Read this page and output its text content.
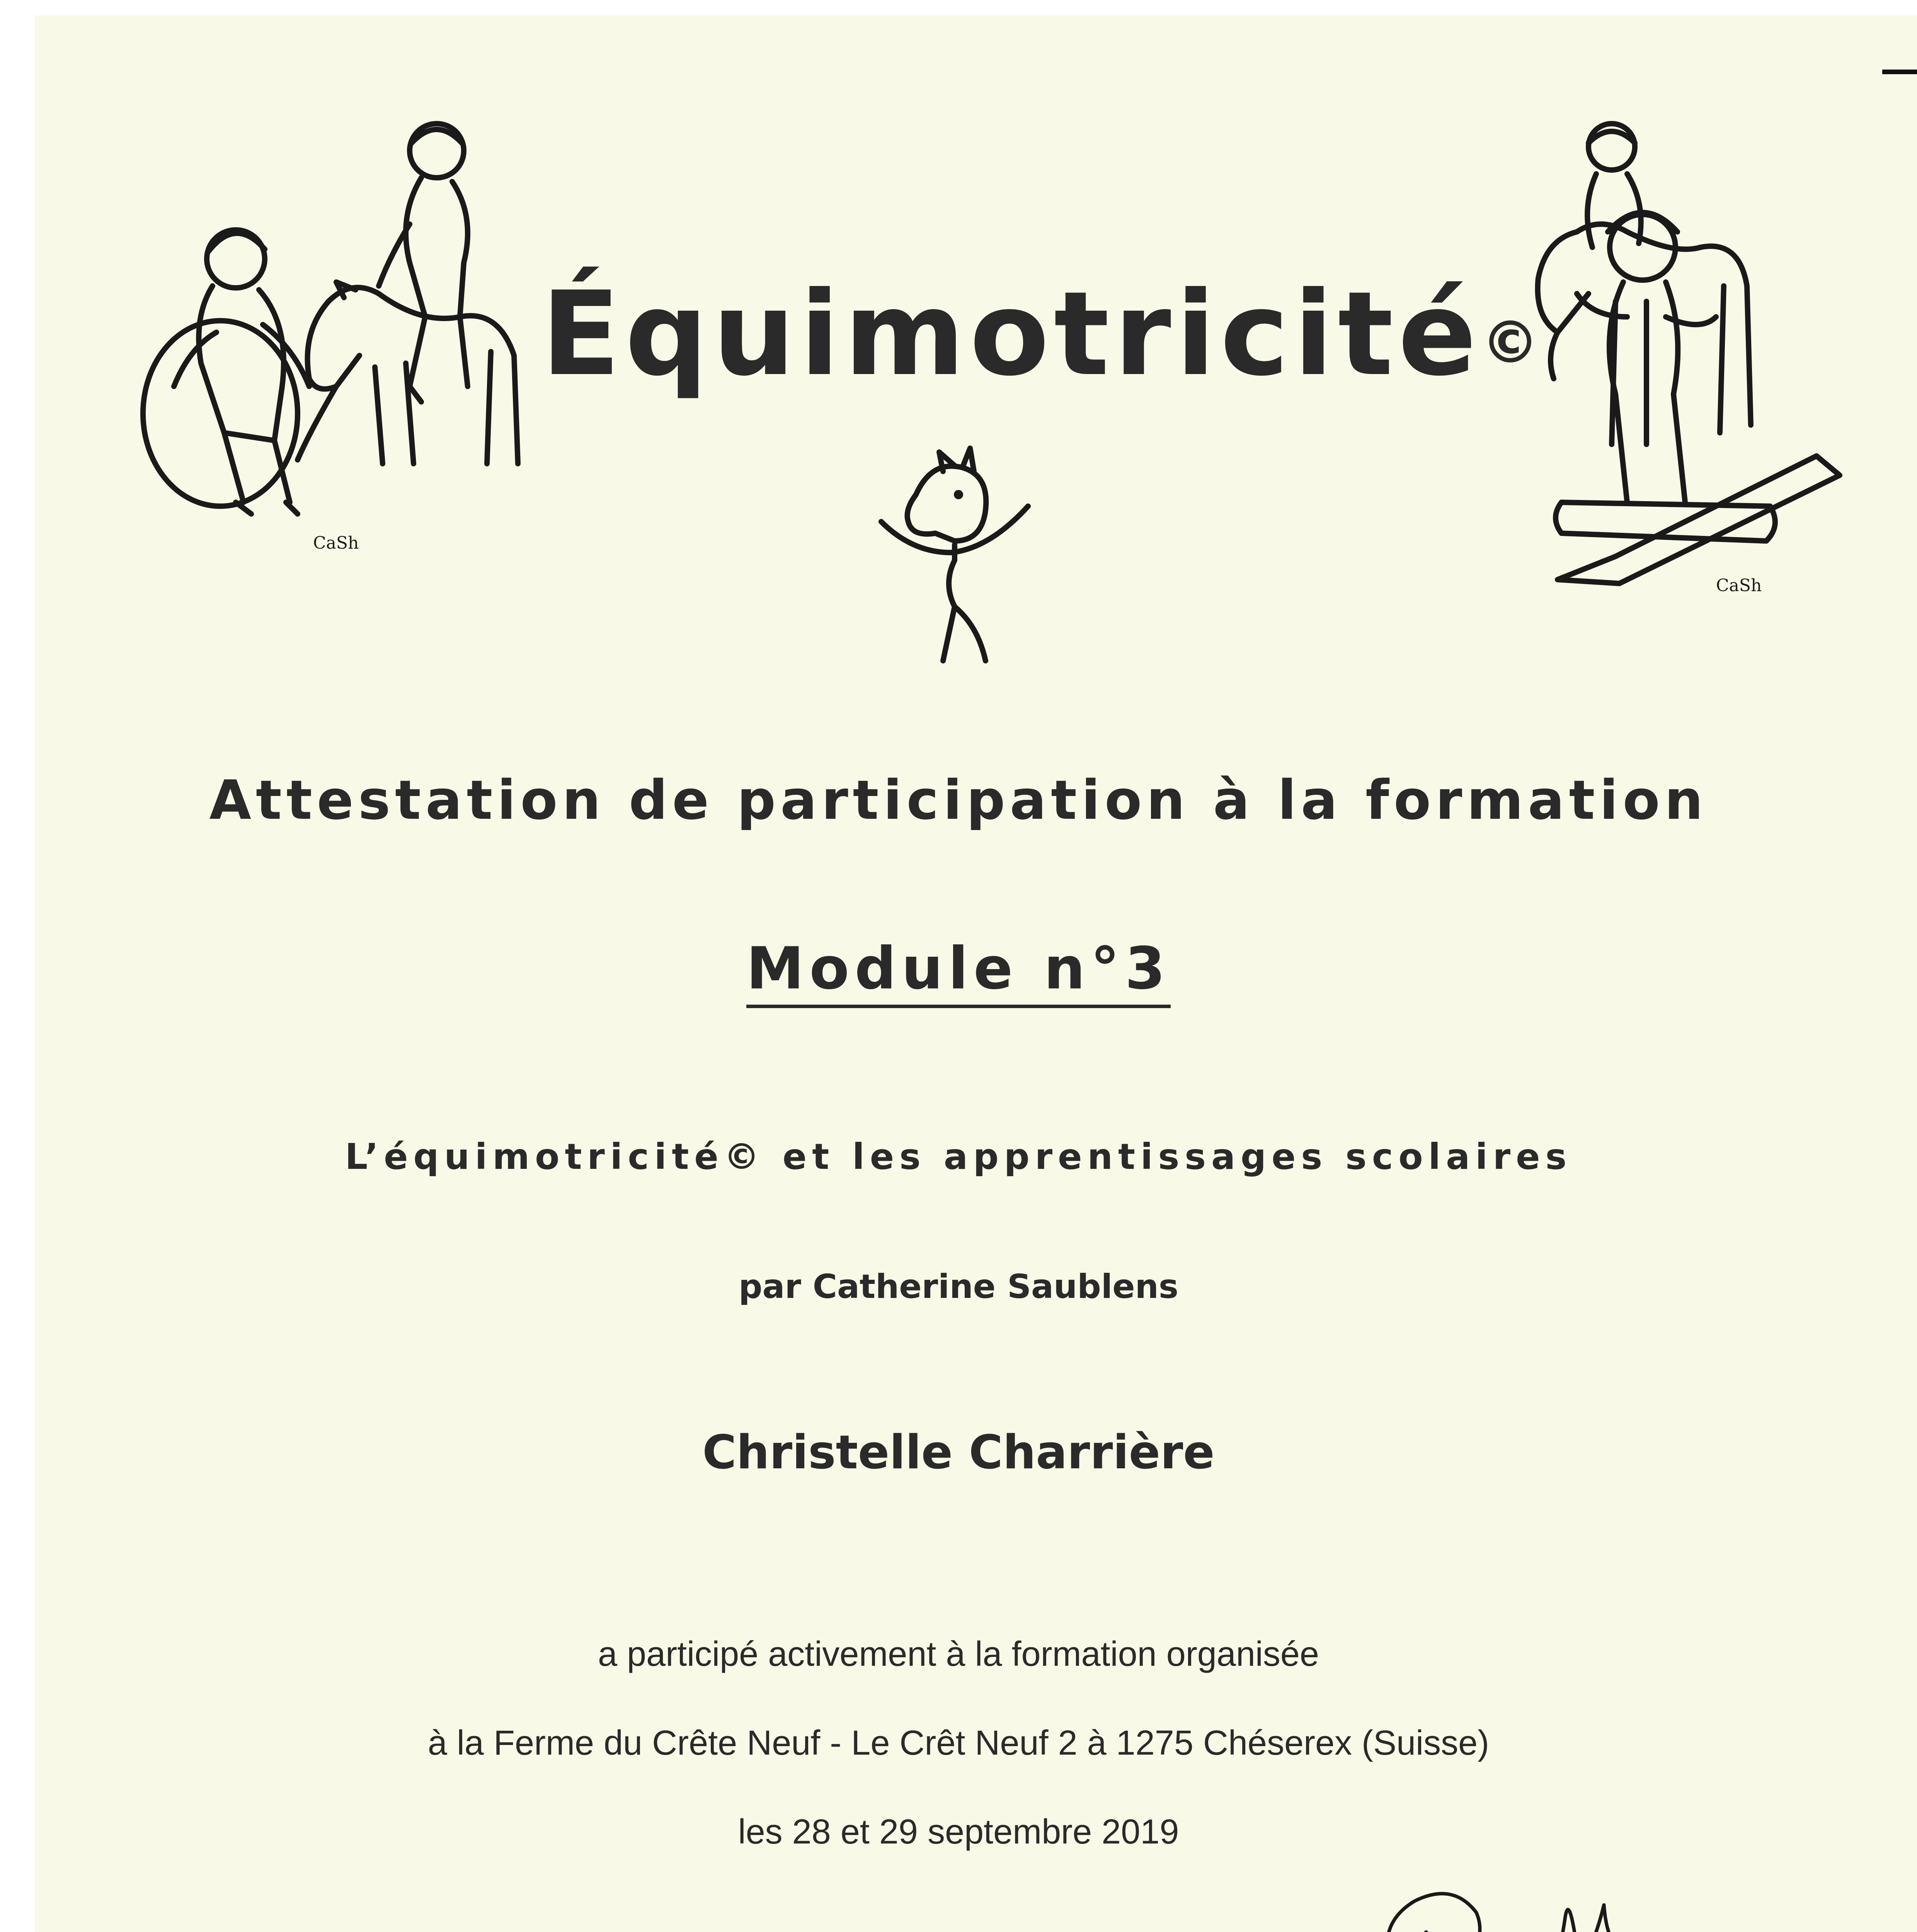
CaSh
CaSh
Équimotricité©
Attestation de participation à la formation
Module n°3
L’équimotricité© et les apprentissages scolaires
par Catherine Saublens
Christelle Charrière
a participé activement à la formation organisée
à la Ferme du Crête Neuf - Le Crêt Neuf 2 à 1275 Chéserex (Suisse)
les 28 et 29 septembre 2019
